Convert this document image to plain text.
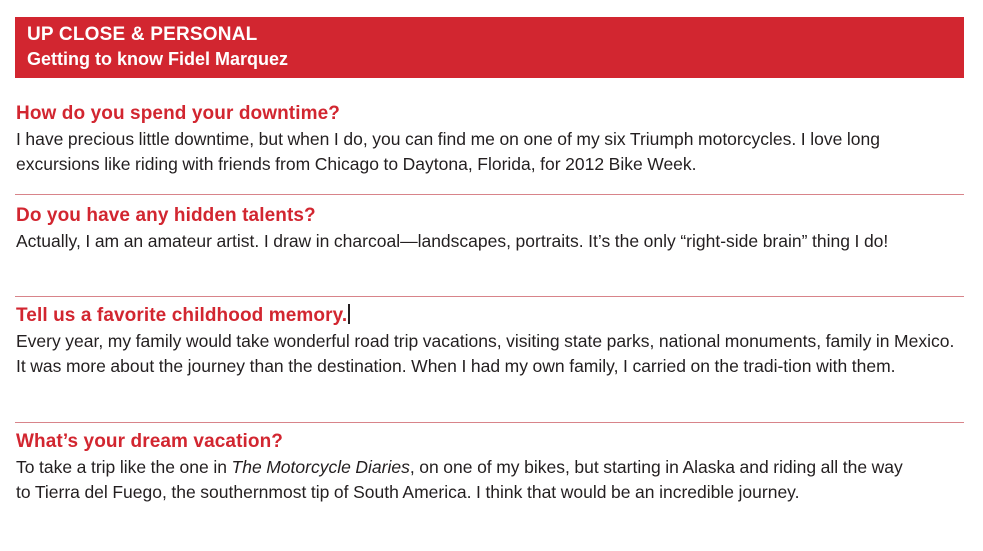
UP CLOSE & PERSONAL
Getting to know Fidel Marquez
How do you spend your downtime?
I have precious little downtime, but when I do, you can find me on one of my six Triumph motorcycles. I love long excursions like riding with friends from Chicago to Daytona, Florida, for 2012 Bike Week.
Do you have any hidden talents?
Actually, I am an amateur artist. I draw in charcoal—landscapes, portraits. It’s the only “right-side brain” thing I do!
Tell us a favorite childhood memory.
Every year, my family would take wonderful road trip vacations, visiting state parks, national monuments, family in Mexico. It was more about the journey than the destination. When I had my own family, I carried on the tradi-tion with them.
What’s your dream vacation?
To take a trip like the one in The Motorcycle Diaries, on one of my bikes, but starting in Alaska and riding all the way to Tierra del Fuego, the southernmost tip of South America. I think that would be an incredible journey.
